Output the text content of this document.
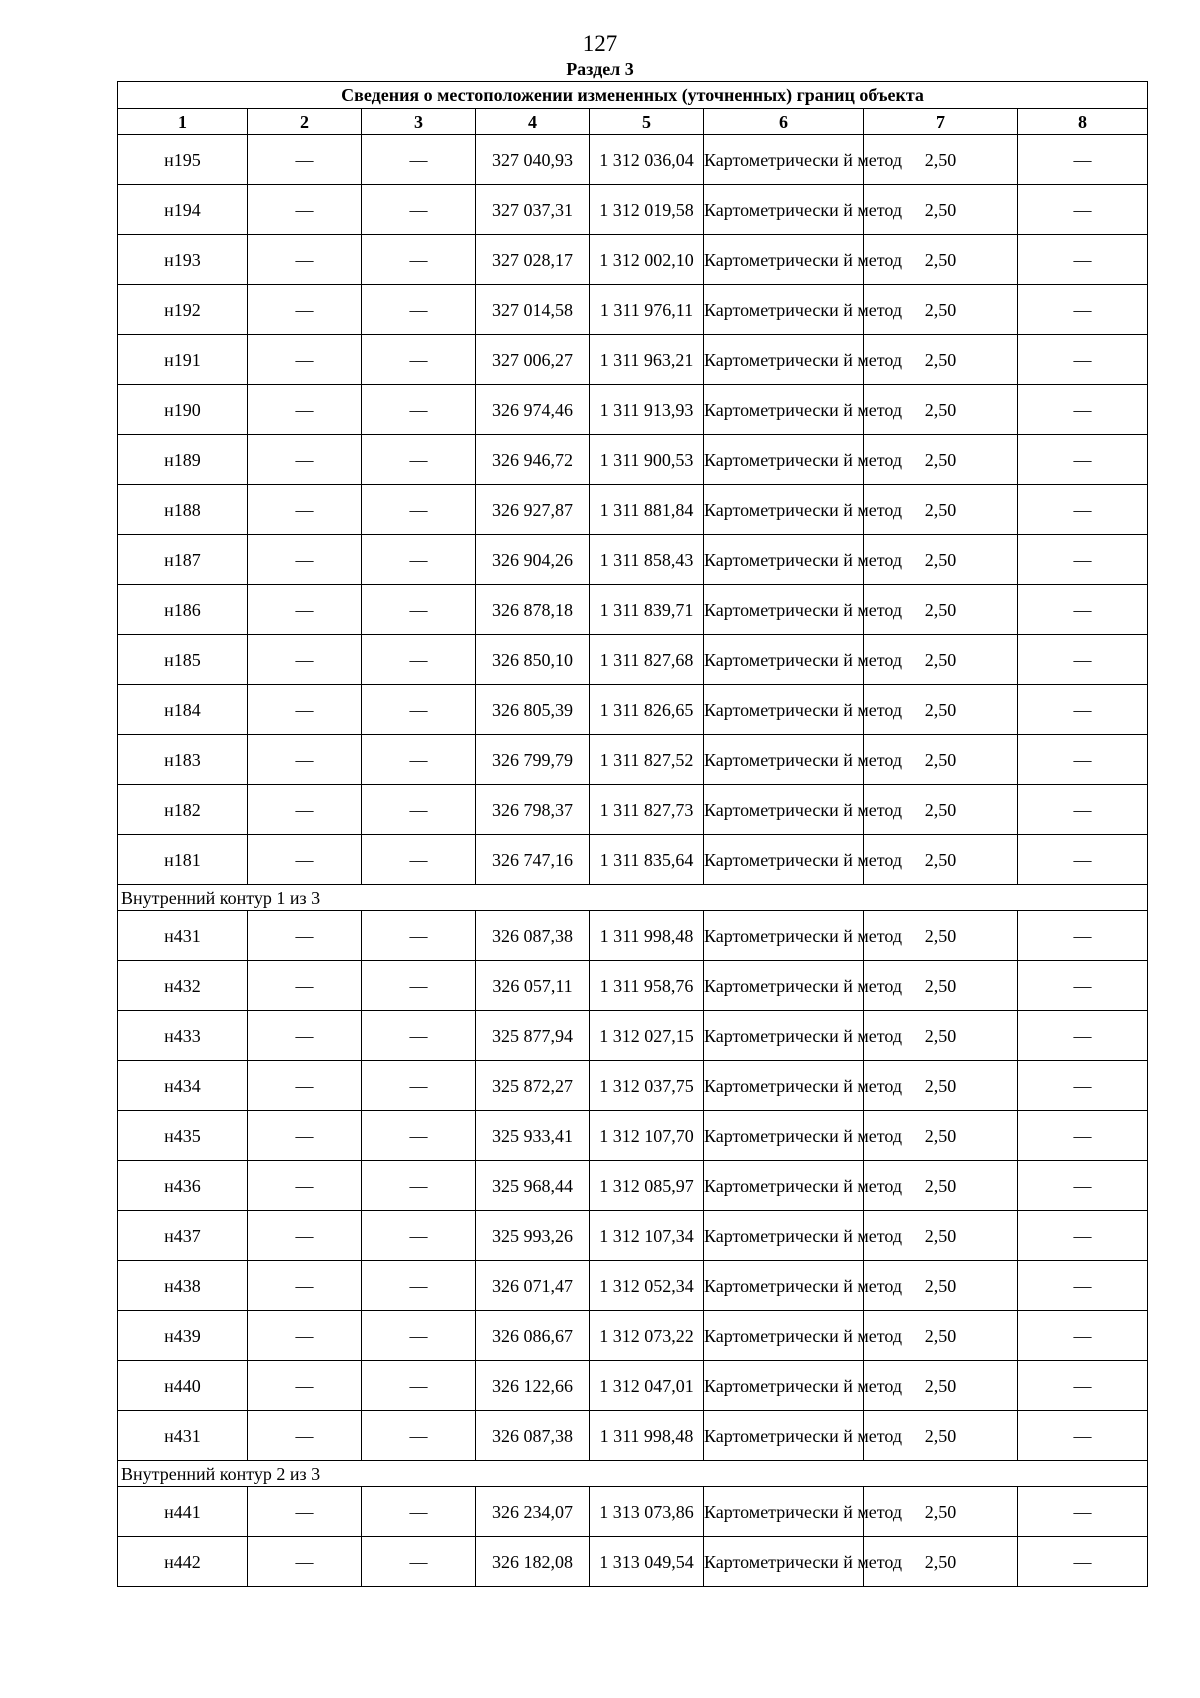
127
Раздел 3
Сведения о местоположении измененных (уточненных) границ объекта							
1	2	3	4	5	6	7	8
н195	—	—	327 040,93	1 312 036,04	Картометрически й метод	2,50	—
н194	—	—	327 037,31	1 312 019,58	Картометрически й метод	2,50	—
н193	—	—	327 028,17	1 312 002,10	Картометрически й метод	2,50	—
н192	—	—	327 014,58	1 311 976,11	Картометрически й метод	2,50	—
н191	—	—	327 006,27	1 311 963,21	Картометрически й метод	2,50	—
н190	—	—	326 974,46	1 311 913,93	Картометрически й метод	2,50	—
н189	—	—	326 946,72	1 311 900,53	Картометрически й метод	2,50	—
н188	—	—	326 927,87	1 311 881,84	Картометрически й метод	2,50	—
н187	—	—	326 904,26	1 311 858,43	Картометрически й метод	2,50	—
н186	—	—	326 878,18	1 311 839,71	Картометрически й метод	2,50	—
н185	—	—	326 850,10	1 311 827,68	Картометрически й метод	2,50	—
н184	—	—	326 805,39	1 311 826,65	Картометрически й метод	2,50	—
н183	—	—	326 799,79	1 311 827,52	Картометрически й метод	2,50	—
н182	—	—	326 798,37	1 311 827,73	Картометрически й метод	2,50	—
н181	—	—	326 747,16	1 311 835,64	Картометрически й метод	2,50	—
Внутренний контур 1 из 3							
н431	—	—	326 087,38	1 311 998,48	Картометрически й метод	2,50	—
н432	—	—	326 057,11	1 311 958,76	Картометрически й метод	2,50	—
н433	—	—	325 877,94	1 312 027,15	Картометрически й метод	2,50	—
н434	—	—	325 872,27	1 312 037,75	Картометрически й метод	2,50	—
н435	—	—	325 933,41	1 312 107,70	Картометрически й метод	2,50	—
н436	—	—	325 968,44	1 312 085,97	Картометрически й метод	2,50	—
н437	—	—	325 993,26	1 312 107,34	Картометрически й метод	2,50	—
н438	—	—	326 071,47	1 312 052,34	Картометрически й метод	2,50	—
н439	—	—	326 086,67	1 312 073,22	Картометрически й метод	2,50	—
н440	—	—	326 122,66	1 312 047,01	Картометрически й метод	2,50	—
н431	—	—	326 087,38	1 311 998,48	Картометрически й метод	2,50	—
Внутренний контур 2 из 3							
н441	—	—	326 234,07	1 313 073,86	Картометрически й метод	2,50	—
н442	—	—	326 182,08	1 313 049,54	Картометрически й метод	2,50	—
